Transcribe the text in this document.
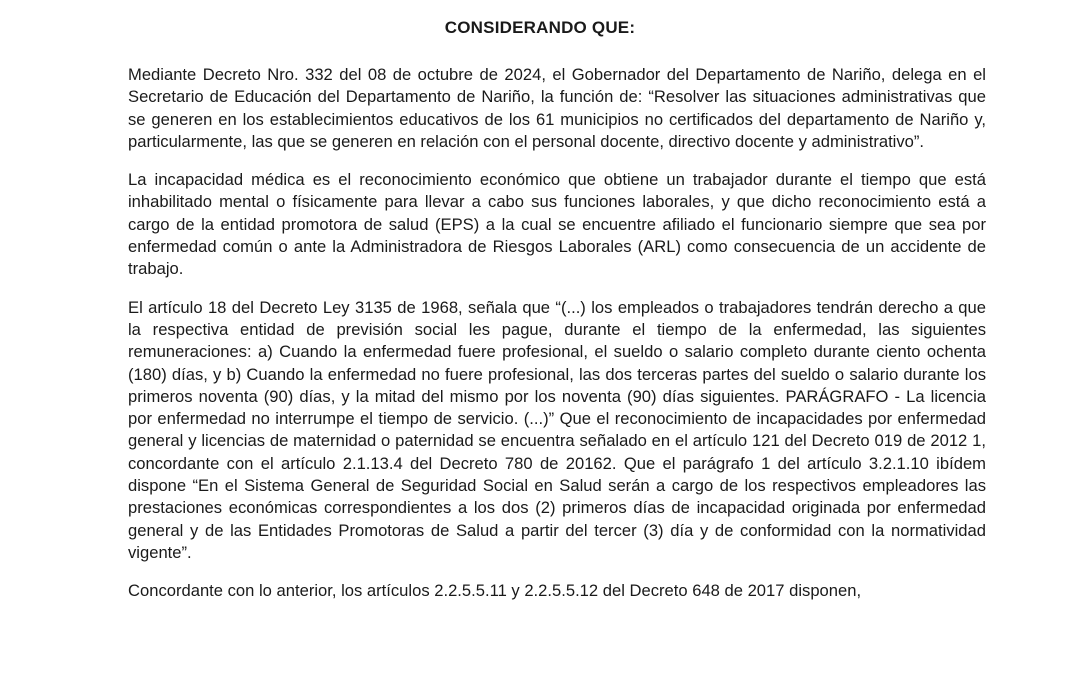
CONSIDERANDO QUE:

Mediante Decreto Nro. 332 del 08 de octubre de 2024, el Gobernador del Departamento de Nariño, delega en el Secretario de Educación del Departamento de Nariño, la función de: “Resolver las situaciones administrativas que se generen en los establecimientos educativos de los 61 municipios no certificados del departamento de Nariño y, particularmente, las que se generen en relación con el personal docente, directivo docente y administrativo”.

La incapacidad médica es el reconocimiento económico que obtiene un trabajador durante el tiempo que está inhabilitado mental o físicamente para llevar a cabo sus funciones laborales, y que dicho reconocimiento está a cargo de la entidad promotora de salud (EPS) a la cual se encuentre afiliado el funcionario siempre que sea por enfermedad común o ante la Administradora de Riesgos Laborales (ARL) como consecuencia de un accidente de trabajo.

El artículo 18 del Decreto Ley 3135 de 1968, señala que “(...) los empleados o trabajadores tendrán derecho a que la respectiva entidad de previsión social les pague, durante el tiempo de la enfermedad, las siguientes remuneraciones: a) Cuando la enfermedad fuere profesional, el sueldo o salario completo durante ciento ochenta (180) días, y b) Cuando la enfermedad no fuere profesional, las dos terceras partes del sueldo o salario durante los primeros noventa (90) días, y la mitad del mismo por los noventa (90) días siguientes. PARÁGRAFO - La licencia por enfermedad no interrumpe el tiempo de servicio. (...)” Que el reconocimiento de incapacidades por enfermedad general y licencias de maternidad o paternidad se encuentra señalado en el artículo 121 del Decreto 019 de 2012 1, concordante con el artículo 2.1.13.4 del Decreto 780 de 20162. Que el parágrafo 1 del artículo 3.2.1.10 ibídem dispone “En el Sistema General de Seguridad Social en Salud serán a cargo de los respectivos empleadores las prestaciones económicas correspondientes a los dos (2) primeros días de incapacidad originada por enfermedad general y de las Entidades Promotoras de Salud a partir del tercer (3) día y de conformidad con la normatividad vigente”.

Concordante con lo anterior, los artículos 2.2.5.5.11 y 2.2.5.5.12 del Decreto 648 de 2017 disponen,
